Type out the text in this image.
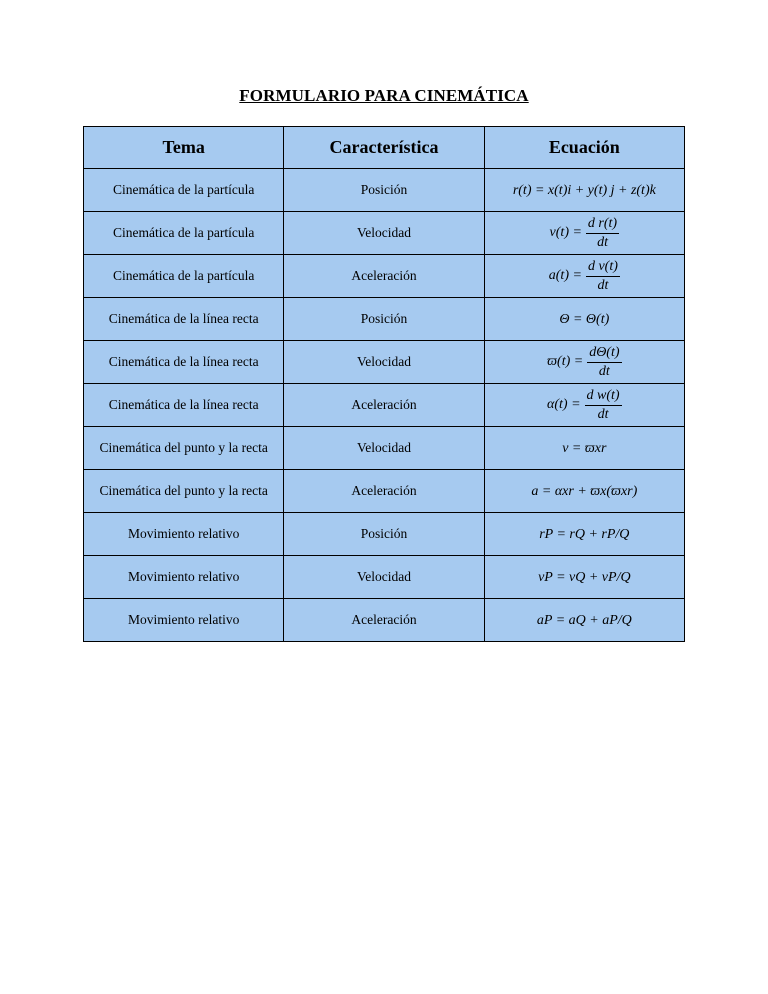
FORMULARIO PARA CINEMÁTICA
Tema	Característica	Ecuación
Cinemática de la partícula	Posición	r(t) = x(t)i + y(t) j + z(t)k
Cinemática de la partícula	Velocidad	$v(t) = \frac{\text{d r(t)}}{dt}$

Cinemática de la partícula	Aceleración	$a(t) = \frac{\text{d v(t)}}{dt}$

Cinemática de la línea recta	Posición	Θ = Θ(t)
Cinemática de la línea recta	Velocidad	$ϖ(t) = \frac{d\Theta(t)}{dt}$

Cinemática de la línea recta	Aceleración	$\alpha(t) = \frac{\text{d w(t)}}{dt}$

Cinemática del punto y la recta	Velocidad	v = ϖxr
Cinemática del punto y la recta	Aceleración	a = αxr + ϖx(ϖxr)
Movimiento relativo	Posición	rP = rQ + rP/Q
Movimiento relativo	Velocidad	vP = vQ + vP/Q
Movimiento relativo	Aceleración	aP = aQ + aP/Q
